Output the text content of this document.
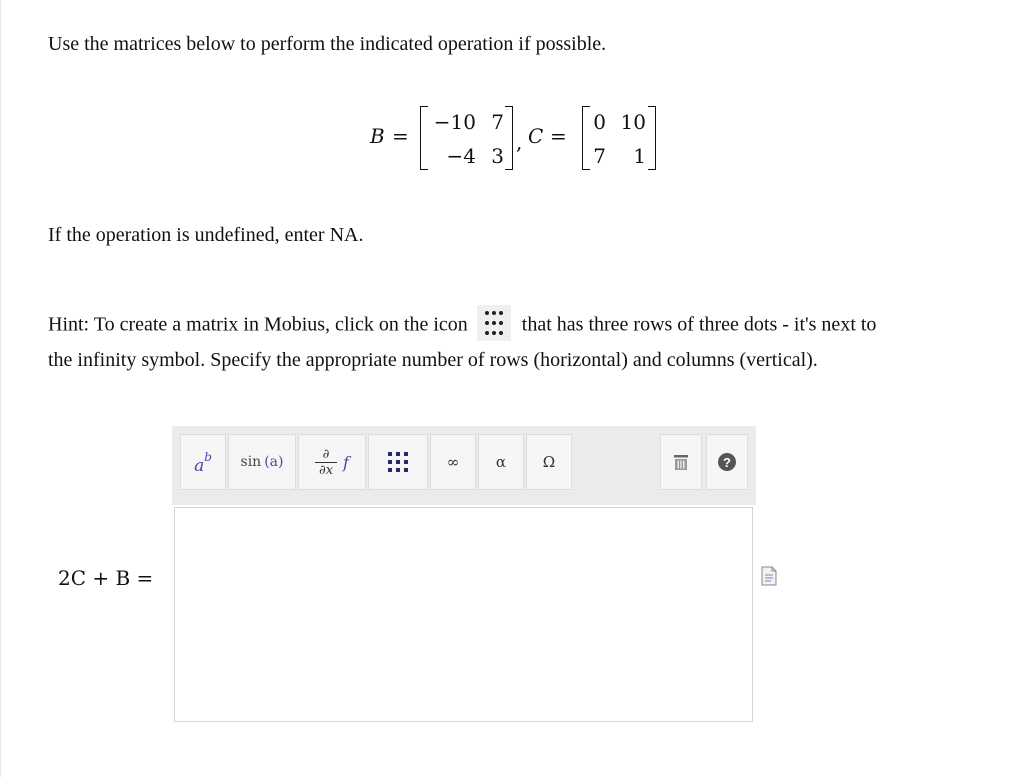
Use the matrices below to perform the indicated operation if possible.
B =
−10 7
−4 3
, C =
0 10
7	1
If the operation is undefined, enter NA.
Hint: To create a matrix in Mobius, click on the icon	that has three rows of three dots - it's next to
the infinity symbol. Specify the appropriate number of rows (horizontal) and columns (vertical).
a b sin (a)	∂
∂x f	∞ α Ω	?
2C + B =
